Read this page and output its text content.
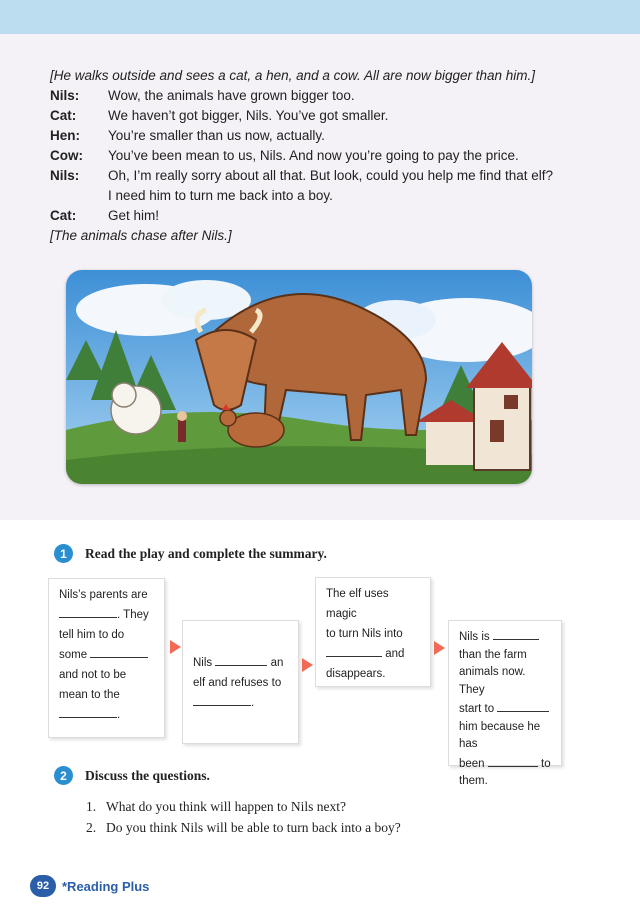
[He walks outside and sees a cat, a hen, and a cow. All are now bigger than him.]
Nils:	Wow, the animals have grown bigger too.
Cat:	We haven’t got bigger, Nils. You’ve got smaller.
Hen:	You’re smaller than us now, actually.
Cow:	You’ve been mean to us, Nils. And now you’re going to pay the price.
Nils:	Oh, I’m really sorry about all that. But look, could you help me find that elf?
I need him to turn me back into a boy.
Cat:	Get him!
[The animals chase after Nils.]
1	Read the play and complete the summary.
Nils’s parents are
. They
tell him to do
some
and not to be
mean to the
.
Nils	an
elf and refuses to
.
The elf uses magic
to turn Nils into
and
disappears.
Nils is
than the farm
animals now. They
start to
him because he has
been	to
them.
2	Discuss the questions.
1. What do you think will happen to Nils next?
2. Do you think Nils will be able to turn back into a boy?
92 *Reading Plus
